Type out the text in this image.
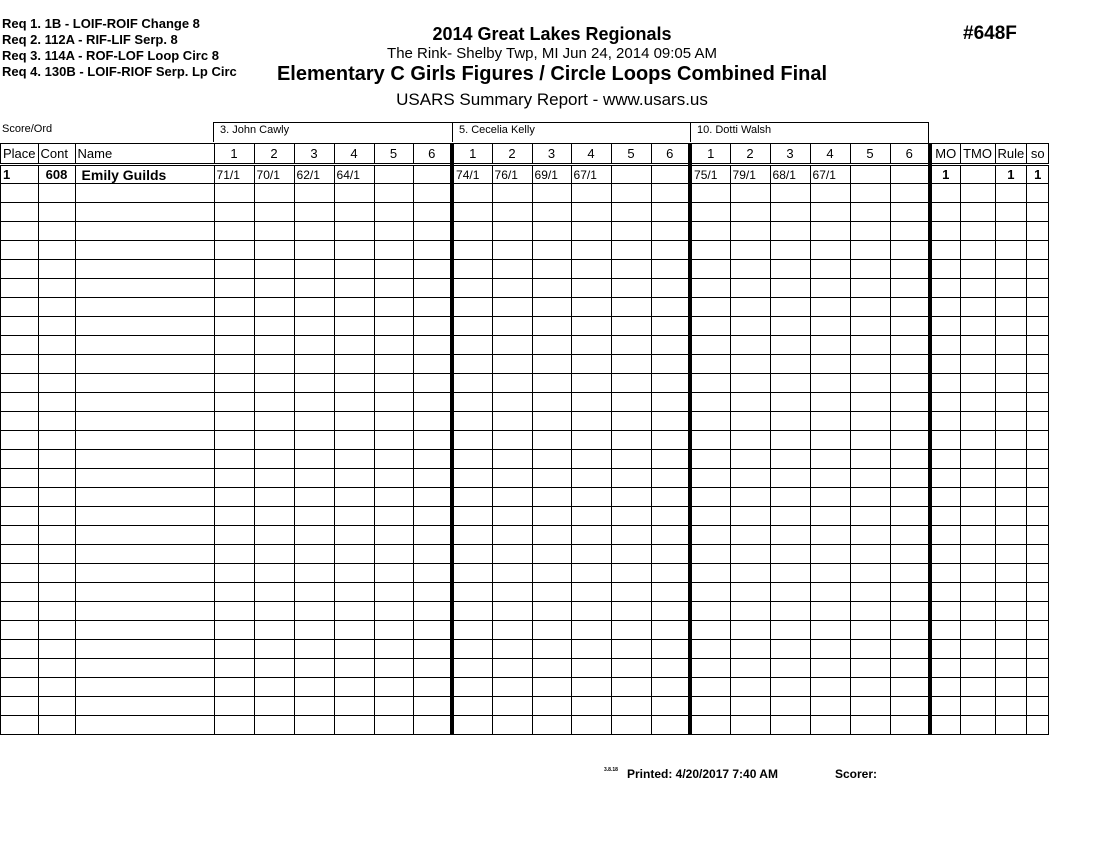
Req 1. 1B - LOIF-ROIF Change 8
Req 2. 112A - RIF-LIF Serp. 8
Req 3. 114A - ROF-LOF Loop Circ 8
Req 4. 130B - LOIF-RIOF Serp. Lp Circ
2014 Great Lakes Regionals
The Rink- Shelby Twp, MI Jun 24, 2014 09:05 AM
Elementary C Girls Figures / Circle Loops Combined Final
USARS Summary Report - www.usars.us
#648F
Score/Ord	3. John Cawly	5. Cecelia Kelly	10. Dotti Walsh
Place	Cont	Name	1	2	3	4	5	6	1	2	3	4	5	6	1	2	3	4	5	6	MO	TMO	Rule	so
1	608	Emily Guilds	71/1	70/1	62/1	64/1			74/1	76/1	69/1	67/1			75/1	79/1	68/1	67/1			1		1	1

3.8.18 Printed: 4/20/2017 7:40 AM	Scorer:
